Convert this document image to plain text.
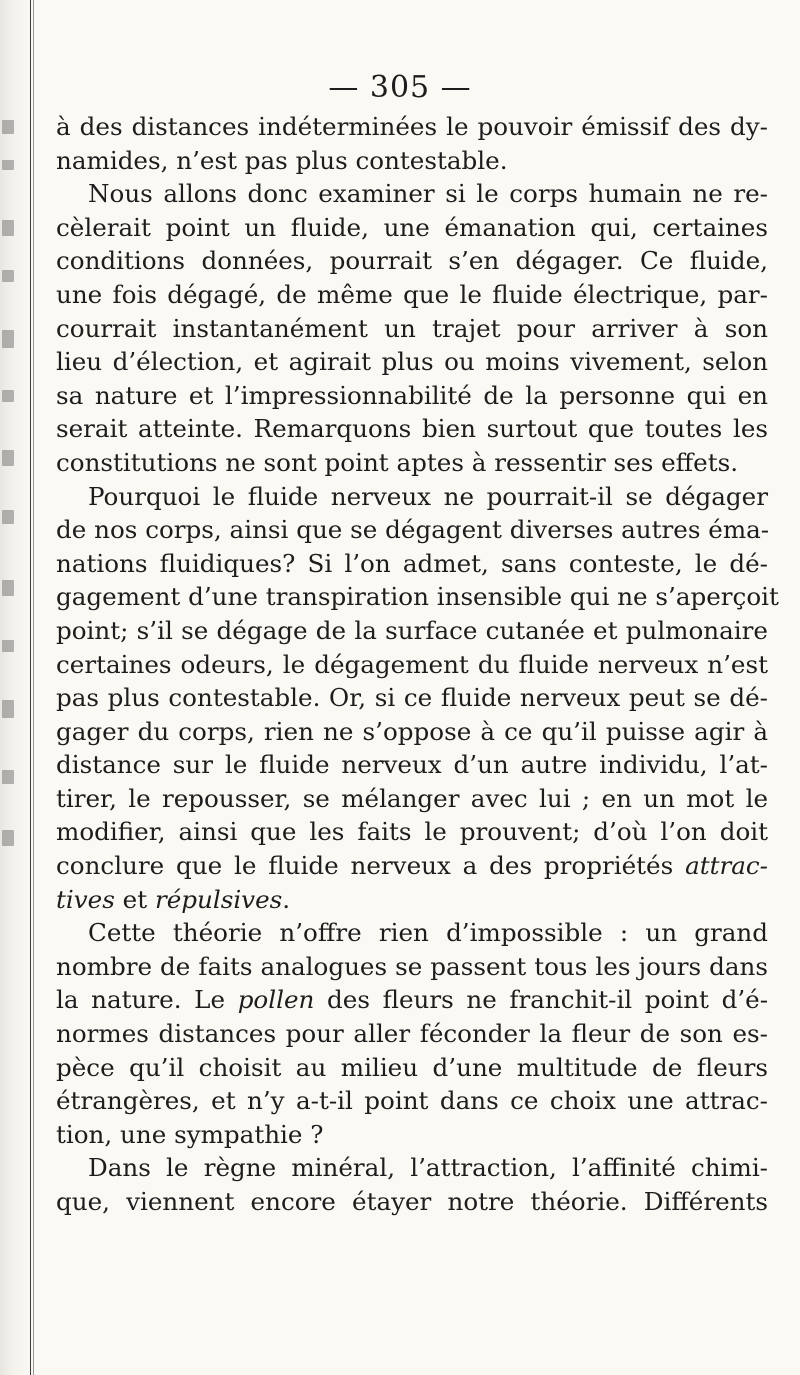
— 305 —
à des distances indéterminées le pouvoir émissif des dy-
namides, n’est pas plus contestable.
Nous allons donc examiner si le corps humain ne re-
cèlerait point un fluide, une émanation qui, certaines
conditions données, pourrait s’en dégager. Ce fluide,
une fois dégagé, de même que le fluide électrique, par-
courrait instantanément un trajet pour arriver à son
lieu d’élection, et agirait plus ou moins vivement, selon
sa nature et l’impressionnabilité de la personne qui en
serait atteinte. Remarquons bien surtout que toutes les
constitutions ne sont point aptes à ressentir ses effets.
Pourquoi le fluide nerveux ne pourrait-il se dégager
de nos corps, ainsi que se dégagent diverses autres éma-
nations fluidiques? Si l’on admet, sans conteste, le dé-
gagement d’une transpiration insensible qui ne s’aperçoit
point; s’il se dégage de la surface cutanée et pulmonaire
certaines odeurs, le dégagement du fluide nerveux n’est
pas plus contestable. Or, si ce fluide nerveux peut se dé-
gager du corps, rien ne s’oppose à ce qu’il puisse agir à
distance sur le fluide nerveux d’un autre individu, l’at-
tirer, le repousser, se mélanger avec lui ; en un mot le
modifier, ainsi que les faits le prouvent; d’où l’on doit
conclure que le fluide nerveux a des propriétés attrac-
tives et répulsives.
Cette théorie n’offre rien d’impossible : un grand
nombre de faits analogues se passent tous les jours dans
la nature. Le pollen des fleurs ne franchit-il point d’é-
normes distances pour aller féconder la fleur de son es-
pèce qu’il choisit au milieu d’une multitude de fleurs
étrangères, et n’y a-t-il point dans ce choix une attrac-
tion, une sympathie ?
Dans le règne minéral, l’attraction, l’affinité chimi-
que, viennent encore étayer notre théorie. Différents
